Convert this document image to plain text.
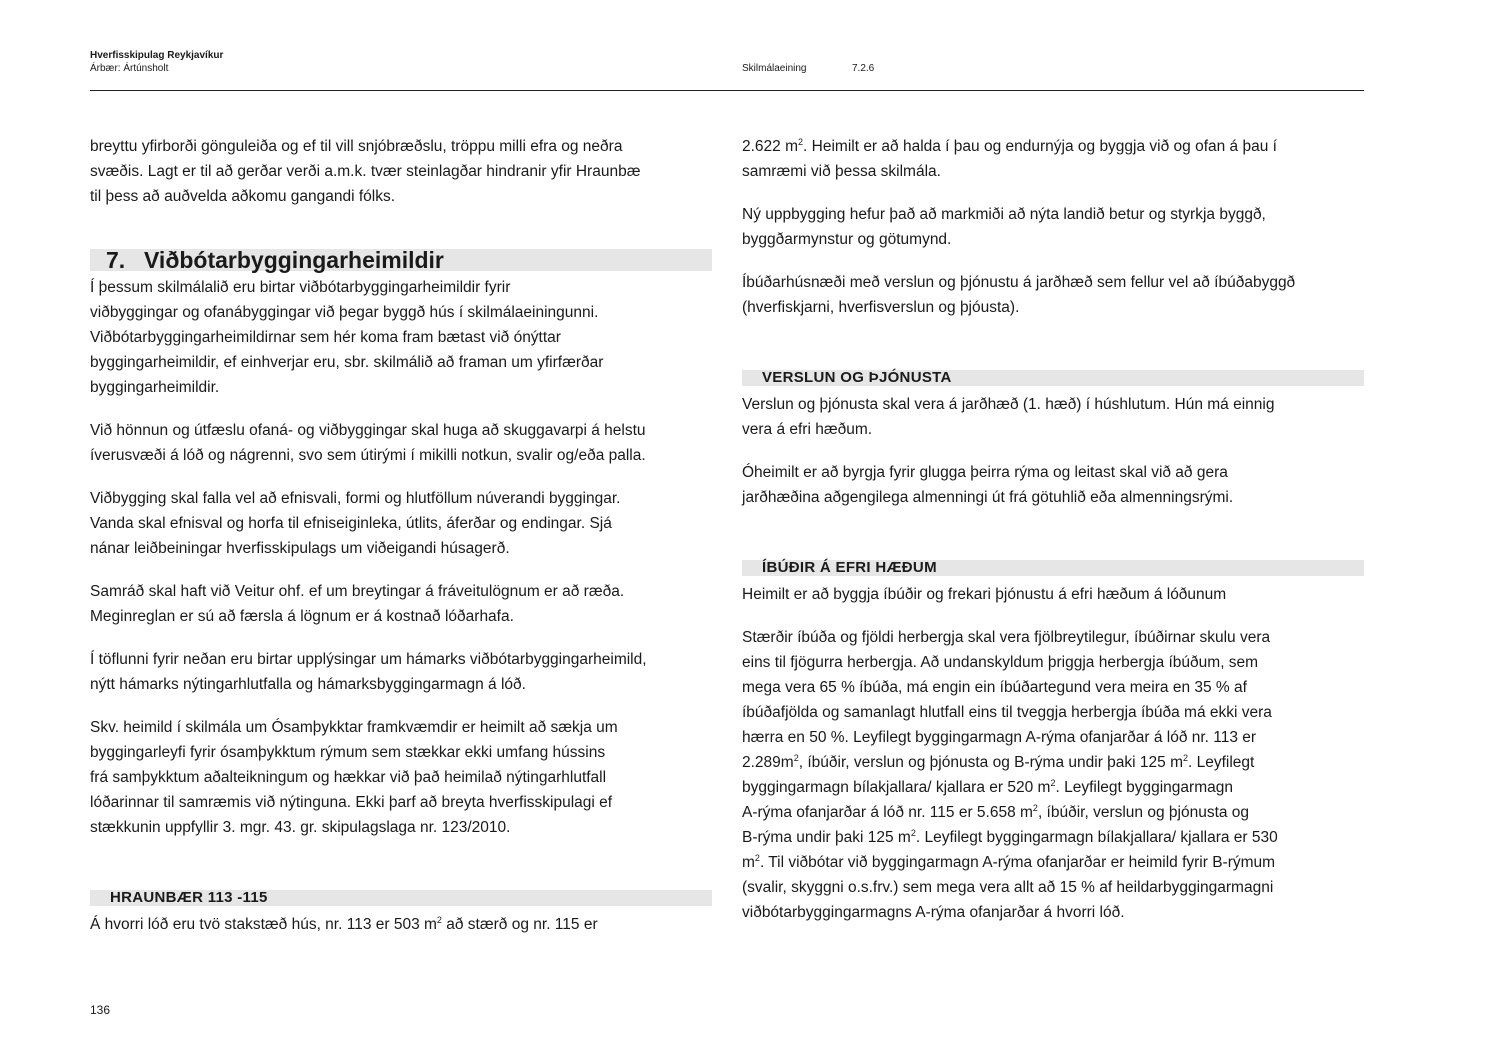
Hverfisskipulag Reykjavíkur
Árbær: Ártúnsholt	Skilmálaeining	7.2.6

breyttu yfirborði gönguleiða og ef til vill snjóbræðslu, tröppu milli efra og neðra
svæðis. Lagt er til að gerðar verði a.m.k. tvær steinlagðar hindranir yfir Hraunbæ
til þess að auðvelda aðkomu gangandi fólks.

7. Viðbótarbyggingarheimildir

Í þessum skilmálalið eru birtar viðbótarbyggingarheimildir fyrir
viðbyggingar og ofanábyggingar við þegar byggð hús í skilmálaeiningunni.
Viðbótarbyggingarheimildirnar sem hér koma fram bætast við ónýttar
byggingarheimildir, ef einhverjar eru, sbr. skilmálið að framan um yfirfærðar
byggingarheimildir.

Við hönnun og útfæslu ofaná- og viðbyggingar skal huga að skuggavarpi á helstu
íverusvæði á lóð og nágrenni, svo sem útirými í mikilli notkun, svalir og/eða palla.

Viðbygging skal falla vel að efnisvali, formi og hlutföllum núverandi byggingar.
Vanda skal efnisval og horfa til efniseiginleka, útlits, áferðar og endingar. Sjá
nánar leiðbeiningar hverfisskipulags um viðeigandi húsagerð.

Samráð skal haft við Veitur ohf. ef um breytingar á fráveitulögnum er að ræða.
Meginreglan er sú að færsla á lögnum er á kostnað lóðarhafa.

Í töflunni fyrir neðan eru birtar upplýsingar um hámarks viðbótarbyggingarheimild,
nýtt hámarks nýtingarhlutfalla og hámarksbyggingarmagn á lóð.

Skv. heimild í skilmála um Ósamþykktar framkvæmdir er heimilt að sækja um
byggingarleyfi fyrir ósamþykktum rýmum sem stækkar ekki umfang hússins
frá samþykktum aðalteikningum og hækkar við það heimilað nýtingarhlutfall
lóðarinnar til samræmis við nýtinguna. Ekki þarf að breyta hverfisskipulagi ef
stækkunin uppfyllir 3. mgr. 43. gr. skipulagslaga nr. 123/2010.

HRAUNBÆR 113 -115

Á hvorri lóð eru tvö stakstæð hús, nr. 113 er 503 $m^2$ að stærð og nr. 115 er

2.622 $m^2$. Heimilt er að halda í þau og endurnýja og byggja við og ofan á þau í
samræmi við þessa skilmála.

Ný uppbygging hefur það að markmiði að nýta landið betur og styrkja byggð,
byggðarmynstur og götumynd.

Íbúðarhúsnæði með verslun og þjónustu á jarðhæð sem fellur vel að íbúðabyggð
(hverfiskjarni, hverfisverslun og þjóusta).

VERSLUN OG ÞJÓNUSTA

Verslun og þjónusta skal vera á jarðhæð (1. hæð) í húshlutum. Hún má einnig
vera á efri hæðum.

Óheimilt er að byrgja fyrir glugga þeirra rýma og leitast skal við að gera
jarðhæðina aðgengilega almenningi út frá götuhlið eða almenningsrými.

ÍBÚÐIR Á EFRI HÆÐUM

Heimilt er að byggja íbúðir og frekari þjónustu á efri hæðum á lóðunum

Stærðir íbúða og fjöldi herbergja skal vera fjölbreytilegur, íbúðirnar skulu vera
eins til fjögurra herbergja. Að undanskyldum þriggja herbergja íbúðum, sem
mega vera 65 % íbúða, má engin ein íbúðartegund vera meira en 35 % af
íbúðafjölda og samanlagt hlutfall eins til tveggja herbergja íbúða má ekki vera
hærra en 50 %. Leyfilegt byggingarmagn A-rýma ofanjarðar á lóð nr. 113 er
$2.289m^2$, íbúðir, verslun og þjónusta og B-rýma undir þaki 125 $m^2$. Leyfilegt
byggingarmagn bílakjallara/ kjallara er 520 $m^2$. Leyfilegt byggingarmagn
A-rýma ofanjarðar á lóð nr. 115 er 5.658 $m^2$, íbúðir, verslun og þjónusta og
B-rýma undir þaki 125 $m^2$. Leyfilegt byggingarmagn bílakjallara/ kjallara er 530
$m^2$. Til viðbótar við byggingarmagn A-rýma ofanjarðar er heimild fyrir B-rýmum
(svalir, skyggni o.s.frv.) sem mega vera allt að 15 % af heildarbyggingarmagni
viðbótarbyggingarmagns A-rýma ofanjarðar á hvorri lóð.

136
